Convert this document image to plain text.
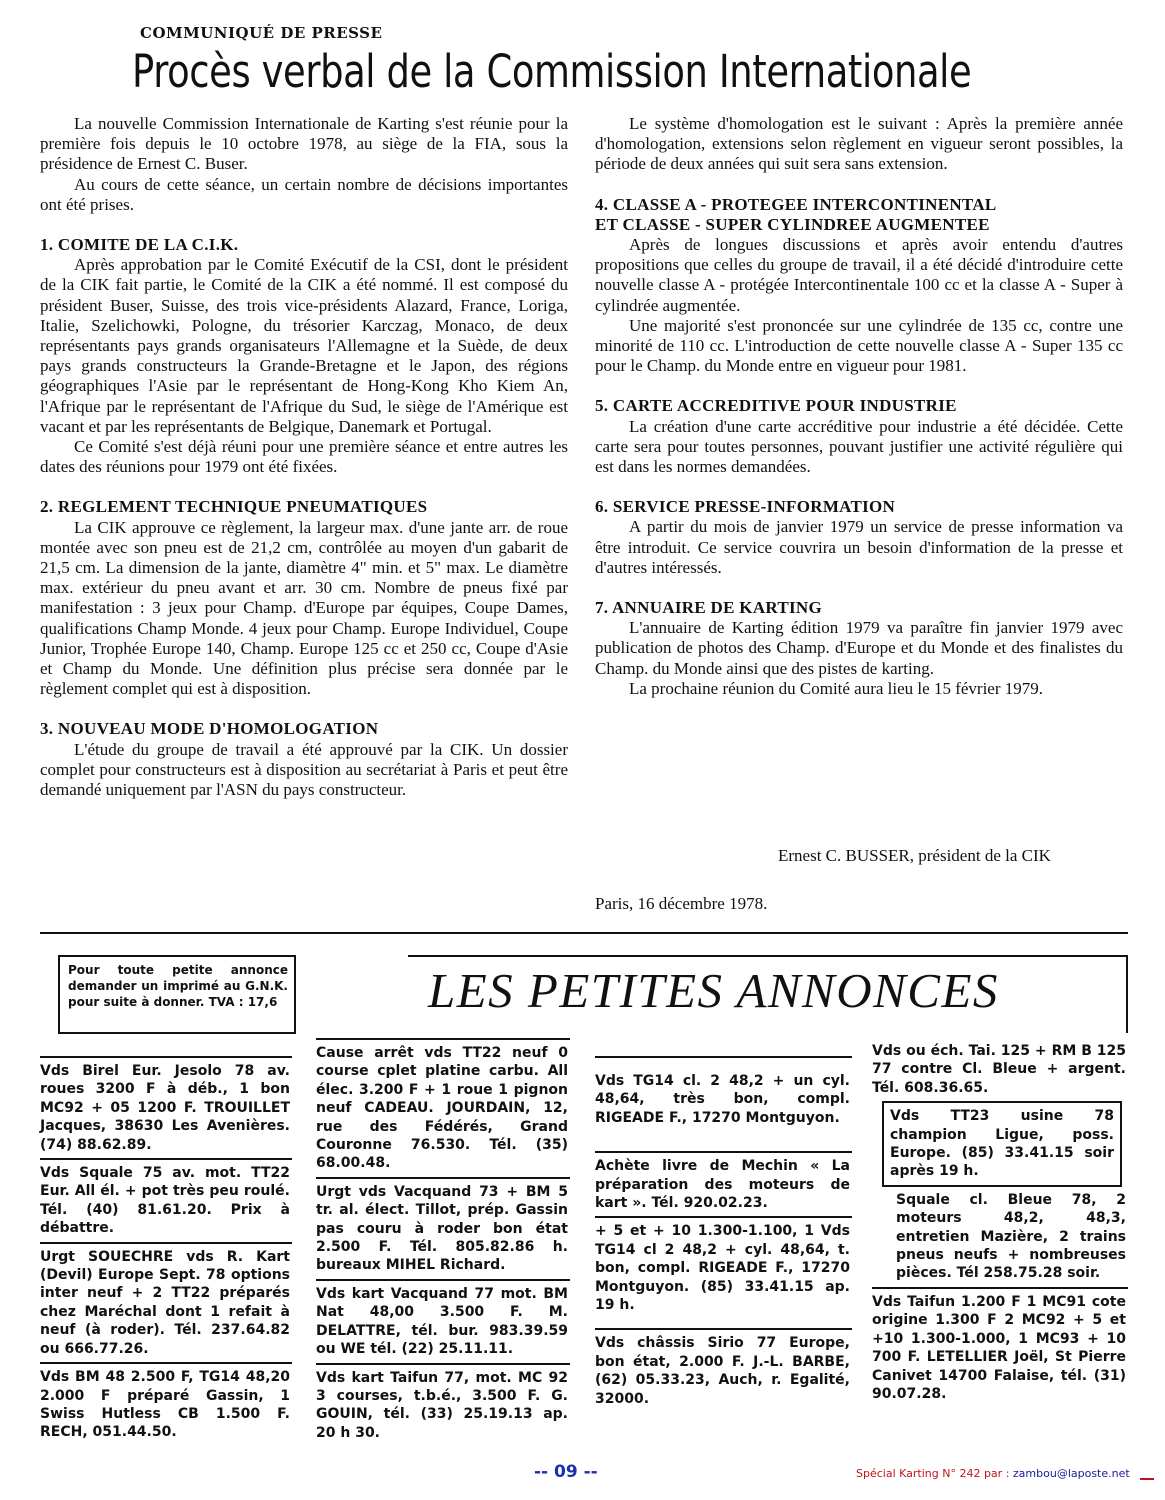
COMMUNIQUÉ DE PRESSE
Procès verbal de la Commission Internationale

La nouvelle Commission Internationale de Karting s'est réunie pour la première fois depuis le 10 octobre 1978, au siège de la FIA, sous la présidence de Ernest C. Buser.

Au cours de cette séance, un certain nombre de décisions importantes ont été prises.

1. COMITE DE LA C.I.K.

Après approbation par le Comité Exécutif de la CSI, dont le président de la CIK fait partie, le Comité de la CIK a été nommé. Il est composé du président Buser, Suisse, des trois vice-présidents Alazard, France, Loriga, Italie, Szelichowki, Pologne, du trésorier Karczag, Monaco, de deux représentants pays grands organisateurs l'Allemagne et la Suède, de deux pays grands constructeurs la Grande-Bretagne et le Japon, des régions géographiques l'Asie par le représentant de Hong-Kong Kho Kiem An, l'Afrique par le représentant de l'Afrique du Sud, le siège de l'Amérique est vacant et par les représentants de Belgique, Danemark et Portugal.

Ce Comité s'est déjà réuni pour une première séance et entre autres les dates des réunions pour 1979 ont été fixées.

2. REGLEMENT TECHNIQUE PNEUMATIQUES

La CIK approuve ce règlement, la largeur max. d'une jante arr. de roue montée avec son pneu est de 21,2 cm, contrôlée au moyen d'un gabarit de 21,5 cm. La dimension de la jante, diamètre 4" min. et 5" max. Le diamètre max. extérieur du pneu avant et arr. 30 cm. Nombre de pneus fixé par manifestation : 3 jeux pour Champ. d'Europe par équipes, Coupe Dames, qualifications Champ Monde. 4 jeux pour Champ. Europe Individuel, Coupe Junior, Trophée Europe 140, Champ. Europe 125 cc et 250 cc, Coupe d'Asie et Champ du Monde. Une définition plus précise sera donnée par le règlement complet qui est à disposition.

3. NOUVEAU MODE D'HOMOLOGATION

L'étude du groupe de travail a été approuvé par la CIK. Un dossier complet pour constructeurs est à disposition au secrétariat à Paris et peut être demandé uniquement par l'ASN du pays constructeur.

Le système d'homologation est le suivant : Après la première année d'homologation, extensions selon règlement en vigueur seront possibles, la période de deux années qui suit sera sans extension.

4. CLASSE A - PROTEGEE INTERCONTINENTAL
ET CLASSE - SUPER CYLINDREE AUGMENTEE

Après de longues discussions et après avoir entendu d'autres propositions que celles du groupe de travail, il a été décidé d'introduire cette nouvelle classe A - protégée Intercontinentale 100 cc et la classe A - Super à cylindrée augmentée.

Une majorité s'est prononcée sur une cylindrée de 135 cc, contre une minorité de 110 cc. L'introduction de cette nouvelle classe A - Super 135 cc pour le Champ. du Monde entre en vigueur pour 1981.

5. CARTE ACCREDITIVE POUR INDUSTRIE

La création d'une carte accréditive pour industrie a été décidée. Cette carte sera pour toutes personnes, pouvant justifier une activité régulière qui est dans les normes demandées.

6. SERVICE PRESSE-INFORMATION

A partir du mois de janvier 1979 un service de presse information va être introduit. Ce service couvrira un besoin d'information de la presse et d'autres intéressés.

7. ANNUAIRE DE KARTING

L'annuaire de Karting édition 1979 va paraître fin janvier 1979 avec publication de photos des Champ. d'Europe et du Monde et des finalistes du Champ. du Monde ainsi que des pistes de karting.

La prochaine réunion du Comité aura lieu le 15 février 1979.

Ernest C. BUSSER, président de la CIK
Paris, 16 décembre 1978.
Pour toute petite annonce demander un imprimé au G.N.K. pour suite à donner. TVA : 17,6	LES PETITES ANNONCES
Vds Birel Eur. Jesolo 78 av. roues 3200 F à déb., 1 bon MC92 + 05 1200 F. TROUILLET Jacques, 38630 Les Avenières. (74) 88.62.89.
Vds Squale 75 av. mot. TT22 Eur. All él. + pot très peu roulé. Tél. (40) 81.61.20. Prix à débattre.
Urgt SOUECHRE vds R. Kart (Devil) Europe Sept. 78 options inter neuf + 2 TT22 préparés chez Maréchal dont 1 refait à neuf (à roder). Tél. 237.64.82 ou 666.77.26.
Vds BM 48 2.500 F, TG14 48,20 2.000 F préparé Gassin, 1 Swiss Hutless CB 1.500 F. RECH, 051.44.50.
Cause arrêt vds TT22 neuf 0 course cplet platine carbu. All élec. 3.200 F + 1 roue 1 pignon neuf CADEAU. JOURDAIN, 12, rue des Fédérés, Grand Couronne 76.530. Tél. (35) 68.00.48.
Urgt vds Vacquand 73 + BM 5 tr. al. élect. Tillot, prép. Gassin pas couru à roder bon état 2.500 F. Tél. 805.82.86 h. bureaux MIHEL Richard.
Vds kart Vacquand 77 mot. BM Nat 48,00 3.500 F. M. DELATTRE, tél. bur. 983.39.59 ou WE tél. (22) 25.11.11.
Vds kart Taifun 77, mot. MC 92 3 courses, t.b.é., 3.500 F. G. GOUIN, tél. (33) 25.19.13 ap. 20 h 30.
Vds TG14 cl. 2 48,2 + un cyl. 48,64, très bon, compl. RIGEADE F., 17270 Montguyon.
Achète livre de Mechin « La préparation des moteurs de kart ». Tél. 920.02.23.
+ 5 et + 10 1.300-1.100, 1 Vds TG14 cl 2 48,2 + cyl. 48,64, t. bon, compl. RIGEADE F., 17270 Montguyon. (85) 33.41.15 ap. 19 h.
Vds châssis Sirio 77 Europe, bon état, 2.000 F. J.-L. BARBE, (62) 05.33.23, Auch, r. Egalité, 32000.
Vds ou éch. Tai. 125 + RM B 125 77 contre Cl. Bleue + argent. Tél. 608.36.65.
Vds TT23 usine 78 champion Ligue, poss. Europe. (85) 33.41.15 soir après 19 h.
Squale cl. Bleue 78, 2 moteurs 48,2, 48,3, entretien Mazière, 2 trains pneus neufs + nombreuses pièces. Tél 258.75.28 soir.
Vds Taifun 1.200 F 1 MC91 cote origine 1.300 F 2 MC92 + 5 et +10 1.300-1.000, 1 MC93 + 10 700 F. LETELLIER Joël, St Pierre Canivet 14700 Falaise, tél. (31) 90.07.28.
-- 09 --	Spécial Karting N° 242 par : zambou@laposte.net
